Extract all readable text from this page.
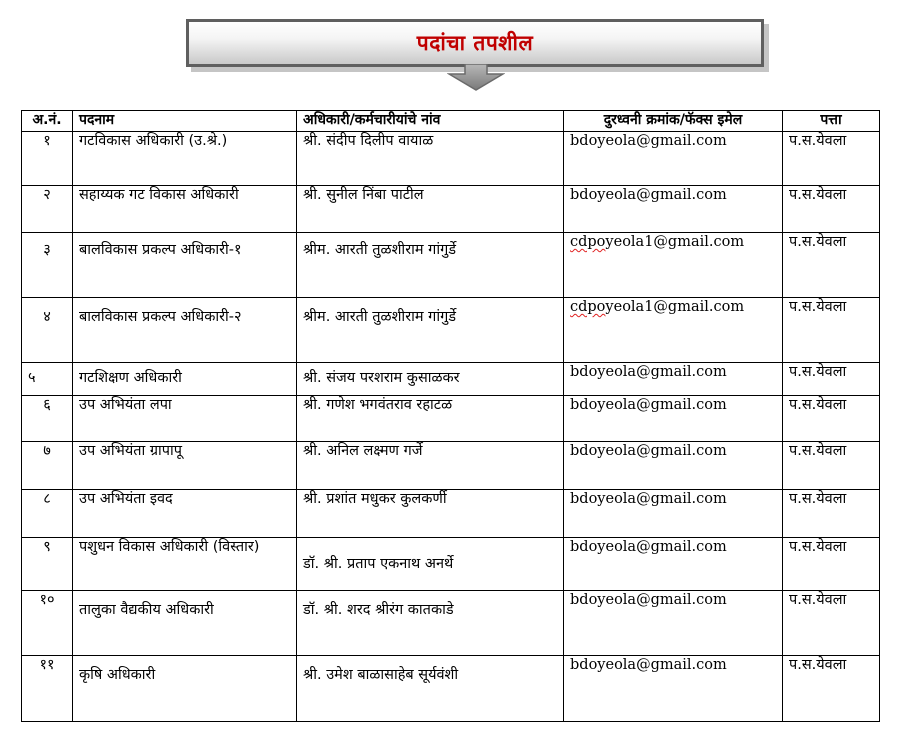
पदांचा तपशील
अ.नं.	पदनाम	अधिकारी/कर्मचारीयांचे नांव	दुरध्वनी क्रमांक/फॅक्स इमेल	पत्ता
१	गटविकास अधिकारी (उ.श्रे.)	श्री. संदीप दिलीप वायाळ	bdoyeola@gmail.com	प.स.येवला
२	सहाय्यक गट विकास अधिकारी	श्री. सुनील निंबा पाटील	bdoyeola@gmail.com	प.स.येवला
३	बालविकास प्रकल्प अधिकारी-१	श्रीम. आरती तुळशीराम गांगुर्डे	cdpoyeola1@gmail.com	प.स.येवला
४	बालविकास प्रकल्प अधिकारी-२	श्रीम. आरती तुळशीराम गांगुर्डे	cdpoyeola1@gmail.com	प.स.येवला
५	गटशिक्षण अधिकारी	श्री. संजय परशराम कुसाळकर	bdoyeola@gmail.com	प.स.येवला
६	उप अभियंता लपा	श्री. गणेश भगवंतराव रहाटळ	bdoyeola@gmail.com	प.स.येवला
७	उप अभियंता ग्रापापू	श्री. अनिल लक्ष्मण गर्जे	bdoyeola@gmail.com	प.स.येवला
८	उप अभियंता इवद	श्री. प्रशांत मधुकर कुलकर्णी	bdoyeola@gmail.com	प.स.येवला
९	पशुधन विकास अधिकारी (विस्तार)	डॉ. श्री. प्रताप एकनाथ अनर्थे	bdoyeola@gmail.com	प.स.येवला
१०	तालुका वैद्यकीय अधिकारी	डॉ. श्री. शरद श्रीरंग कातकाडे	bdoyeola@gmail.com	प.स.येवला
११	कृषि अधिकारी	श्री. उमेश बाळासाहेब सूर्यवंशी	bdoyeola@gmail.com	प.स.येवला
